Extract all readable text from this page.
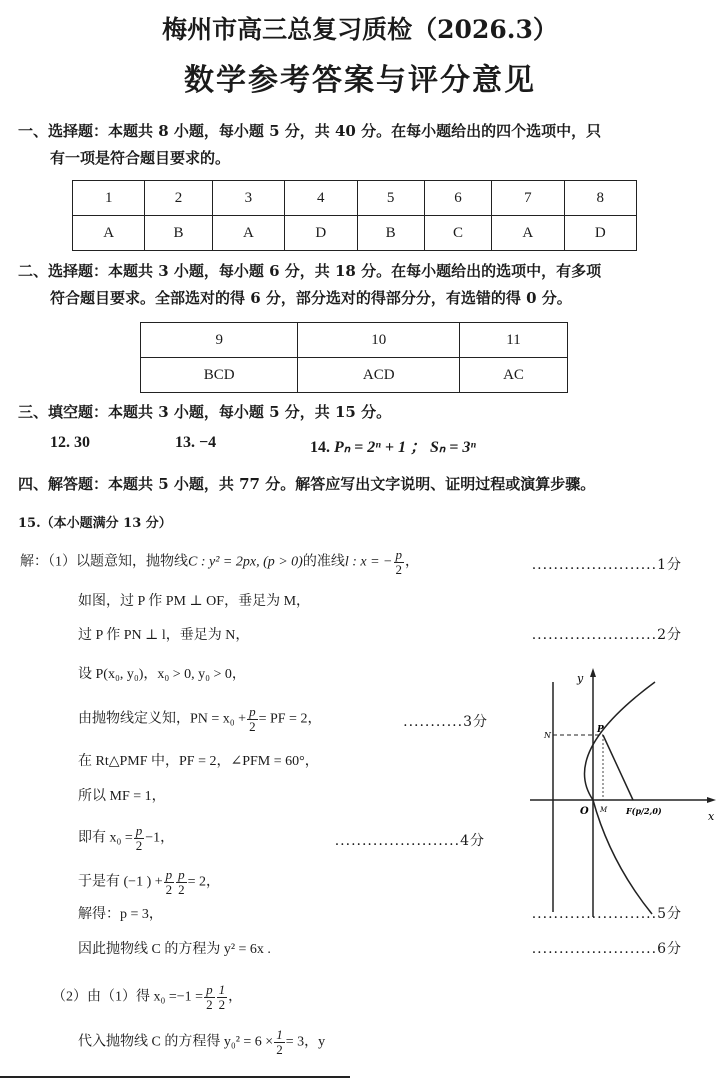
梅州市高三总复习质检（2026.3）
数学参考答案与评分意见
一、选择题：本题共 8 小题，每小题 5 分，共 40 分。在每小题给出的四个选项中，只
有一项是符合题目要求的。
1	2	3	4	5	6	7	8
A	B	A	D	B	C	A	D
二、选择题：本题共 3 小题，每小题 6 分，共 18 分。在每小题给出的选项中，有多项
符合题目要求。全部选对的得 6 分，部分选对的得部分分，有选错的得 0 分。
9	10	11
BCD	ACD	AC
三、填空题：本题共 3 小题，每小题 5 分，共 15 分。
12. 30	13. −4	14. Pₙ = 2ⁿ + 1 ； Sₙ = 3ⁿ
四、解答题：本题共 5 小题，共 77 分。解答应写出文字说明、证明过程或演算步骤。
15.（本小题满分 13 分）
解：（1）以题意知，抛物线C : y² = 2px, (p > 0)的准线l : x = − $\frac{p}{2}$ ，	.......................1分
如图，过 P 作 PM ⊥ OF，垂足为 M，
过 P 作 PN ⊥ l，垂足为 N，	.......................2分
设 P(x₀, y₀)，x₀ > 0, y₀ > 0，
由抛物线定义知，PN = $x_0 + \frac{p}{2}$ = PF = 2，	...........3分
在 Rt△PMF 中，PF = 2，∠PFM = 60°，
所以 MF = 1，
即有 $x_0 = \frac{p}{2} -1$，	.......................4分
于是有 (−1 ) + $\frac{p}{2} \frac{p}{2} = 2$，
解得：p = 3，	.......................5分
因此抛物线 C 的方程为 y² = 6x .	.......................6分
（2）由（1）得 $x_0 =-1 = \frac{p}{2} \frac{1}{2}$ ，
代入抛物线 C 的方程得 $y_0^2 = 6 \times \frac{1}{2} = 3$，y
y
x
O
N
P
M F(p/2,0)
